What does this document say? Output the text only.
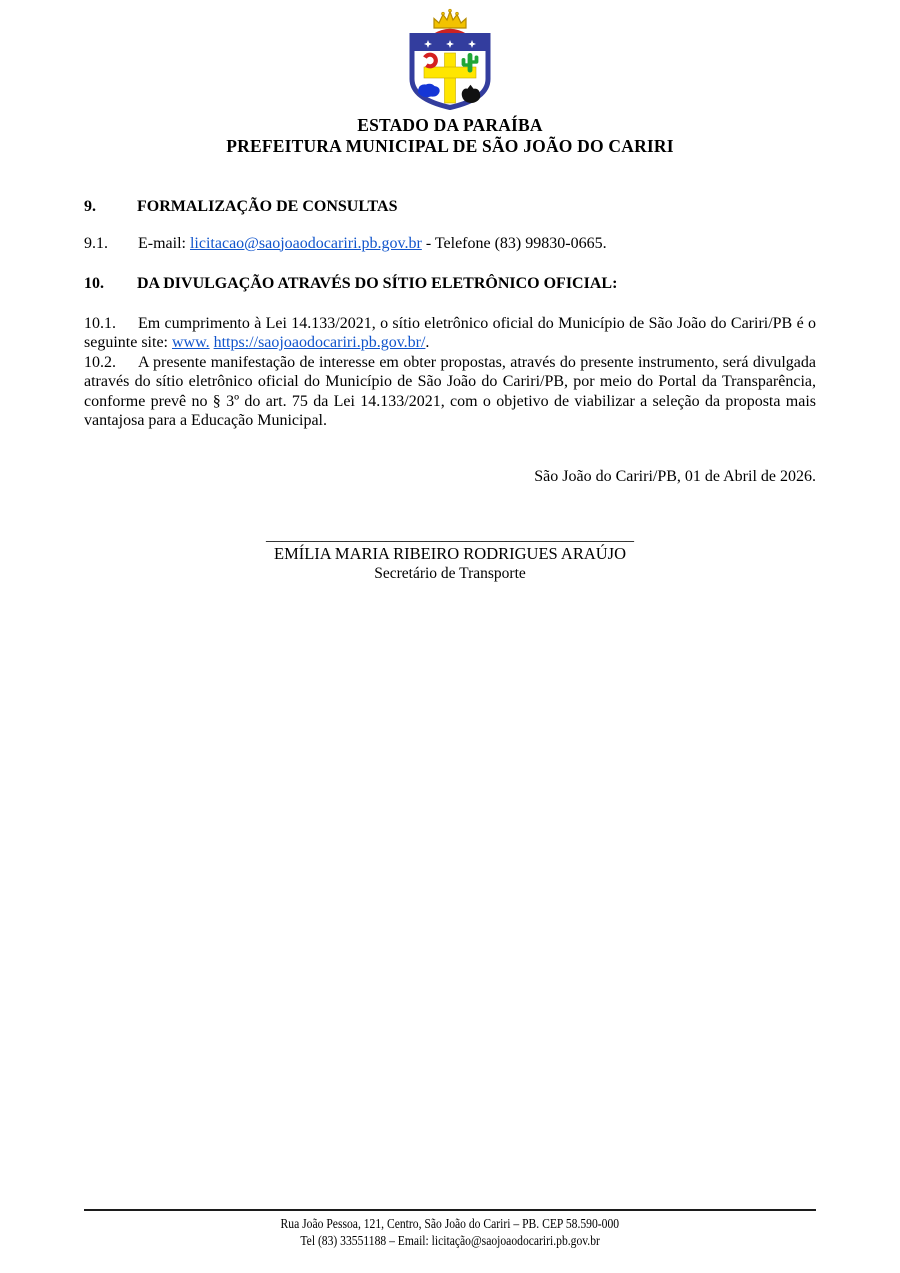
ESTADO DA PARAÍBA
PREFEITURA MUNICIPAL DE SÃO JOÃO DO CARIRI
9.	FORMALIZAÇÃO DE CONSULTAS

9.1. E-mail: licitacao@saojoaodocariri.pb.gov.br - Telefone (83) 99830-0665.

10. DA DIVULGAÇÃO ATRAVÉS DO SÍTIO ELETRÔNICO OFICIAL:

10.1. Em cumprimento à Lei 14.133/2021, o sítio eletrônico oficial do Município de São João do Cariri/PB é o seguinte site: www. https://saojoaodocariri.pb.gov.br/.

10.2. A presente manifestação de interesse em obter propostas, através do presente instrumento, será divulgada através do sítio eletrônico oficial do Município de São João do Cariri/PB, por meio do Portal da Transparência, conforme prevê no § 3º do art. 75 da Lei 14.133/2021, com o objetivo de viabilizar a seleção da proposta mais vantajosa para a Educação Municipal.

São João do Cariri/PB, 01 de Abril de 2026.
______________________________________________
EMÍLIA MARIA RIBEIRO RODRIGUES ARAÚJO
Secretário de Transporte
Rua João Pessoa, 121, Centro, São João do Cariri – PB. CEP 58.590-000
Tel (83) 33551188 – Email: licitação@saojoaodocariri.pb.gov.br
